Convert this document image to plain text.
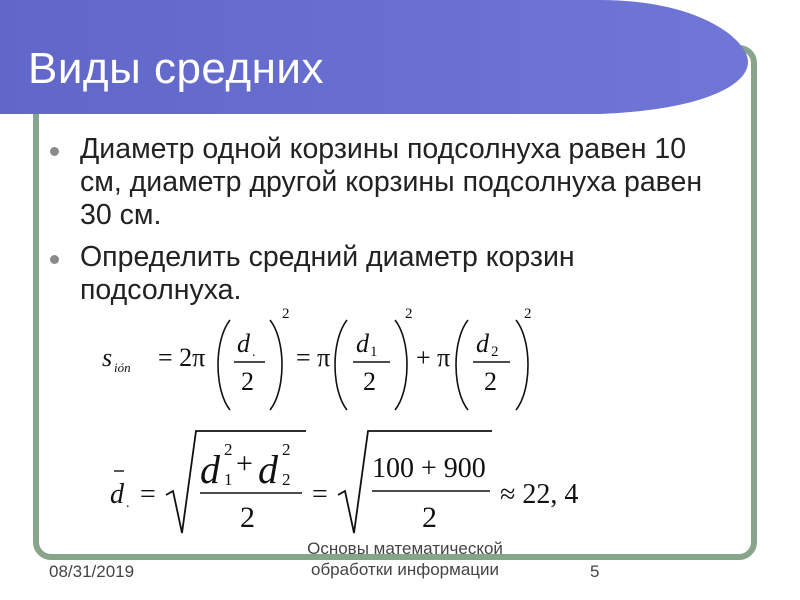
Виды средних
Диаметр одной корзины подсолнуха равен 10 см, диаметр другой корзины подсолнуха равен 30 см.
Определить средний диаметр корзин подсолнуха.
s ión = 2π d .
2
2
= π d 1
2
2
+ π d 2
2
2
d . =
d 2
1 + d 2
2
2
=
100 + 900
2
≈ 22, 4
08/31/2019
Основы математической
обработки информации	5
